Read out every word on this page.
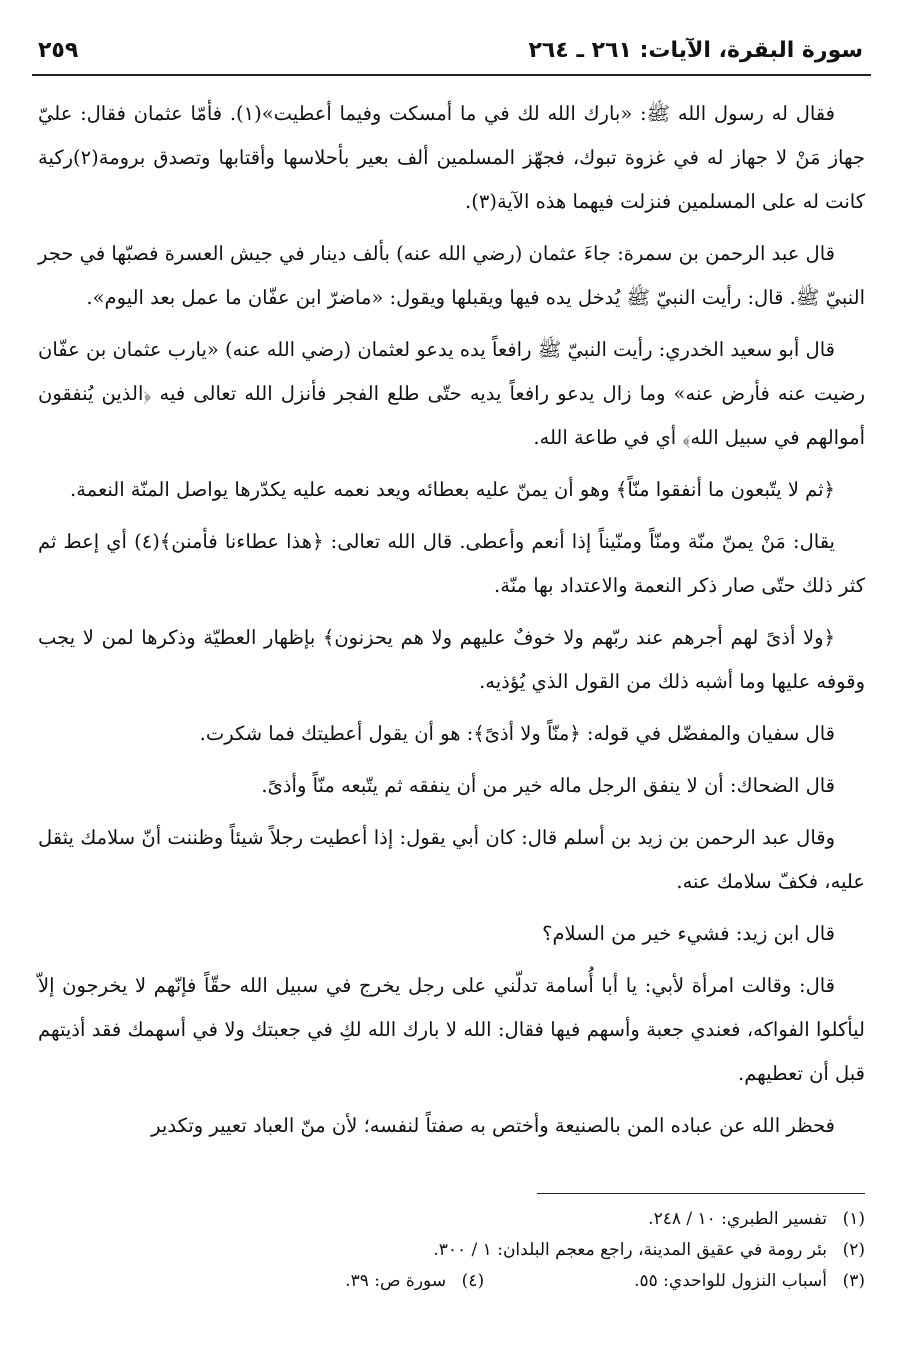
٢٥٩	سورة البقرة، الآيات: ٢٦١ ـ ٢٦٤

فقال له رسول الله ﷺ: «بارك الله لك في ما أمسكت وفيما أعطيت»(١). فأمّا عثمان فقال: عليّ جهاز مَنْ لا جهاز له في غزوة تبوك، فجهّز المسلمين ألف بعير بأحلاسها وأقتابها وتصدق برومة(٢)ركية كانت له على المسلمين فنزلت فيهما هذه الآية(٣).

قال عبد الرحمن بن سمرة: جاءَ عثمان (رضي الله عنه) بألف دينار في جيش العسرة فصبّها في حجر النبيّ ﷺ. قال: رأيت النبيّ ﷺ يُدخل يده فيها ويقبلها ويقول: «ماضرّ ابن عفّان ما عمل بعد اليوم».

قال أبو سعيد الخدري: رأيت النبيّ ﷺ رافعاً يده يدعو لعثمان (رضي الله عنه) «يارب عثمان بن عفّان رضيت عنه فأرض عنه» وما زال يدعو رافعاً يديه حتّى طلع الفجر فأنزل الله تعالى فيه ﴿الذين يُنفقون أموالهم في سبيل الله﴾ أي في طاعة الله.

﴿ثم لا يتّبعون ما أنفقوا منّاً﴾ وهو أن يمنّ عليه بعطائه ويعد نعمه عليه يكدّرها يواصل المنّة النعمة.

يقال: مَنْ يمنّ منّة ومنّاً ومنّيناً إذا أنعم وأعطى. قال الله تعالى: ﴿هذا عطاءنا فأمنن﴾(٤) أي إعط ثم كثر ذلك حتّى صار ذكر النعمة والاعتداد بها منّة.

﴿ولا أذىً لهم أجرهم عند ربّهم ولا خوفٌ عليهم ولا هم يحزنون﴾ بإظهار العطيّة وذكرها لمن لا يجب وقوفه عليها وما أشبه ذلك من القول الذي يُؤذيه.

قال سفيان والمفضّل في قوله: ﴿منّاً ولا أذىً﴾: هو أن يقول أعطيتك فما شكرت.

قال الضحاك: أن لا ينفق الرجل ماله خير من أن ينفقه ثم يتّبعه منّاً وأذىً.

وقال عبد الرحمن بن زيد بن أسلم قال: كان أبي يقول: إذا أعطيت رجلاً شيئاً وظننت أنّ سلامك يثقل عليه، فكفّ سلامك عنه.

قال ابن زيد: فشيء خير من السلام؟

قال: وقالت امرأة لأبي: يا أبا أُسامة تدلّني على رجل يخرج في سبيل الله حقّاً فإنّهم لا يخرجون إلاّ ليأكلوا الفواكه، فعندي جعبة وأسهم فيها فقال: الله لا بارك الله لكِ في جعبتك ولا في أسهمك فقد أذيتهم قبل أن تعطيهم.

فحظر الله عن عباده المن بالصنيعة وأختص به صفتاً لنفسه؛ لأن منّ العباد تعيير وتكدير

(١)
تفسير الطبري: ١٠ / ٢٤٨.
(٢)
بئر رومة في عقيق المدينة، راجع معجم البلدان: ١ / ٣٠٠.
(٣)
أسباب النزول للواحدي: ٥٥.
(٤)
سورة ص: ٣٩.
